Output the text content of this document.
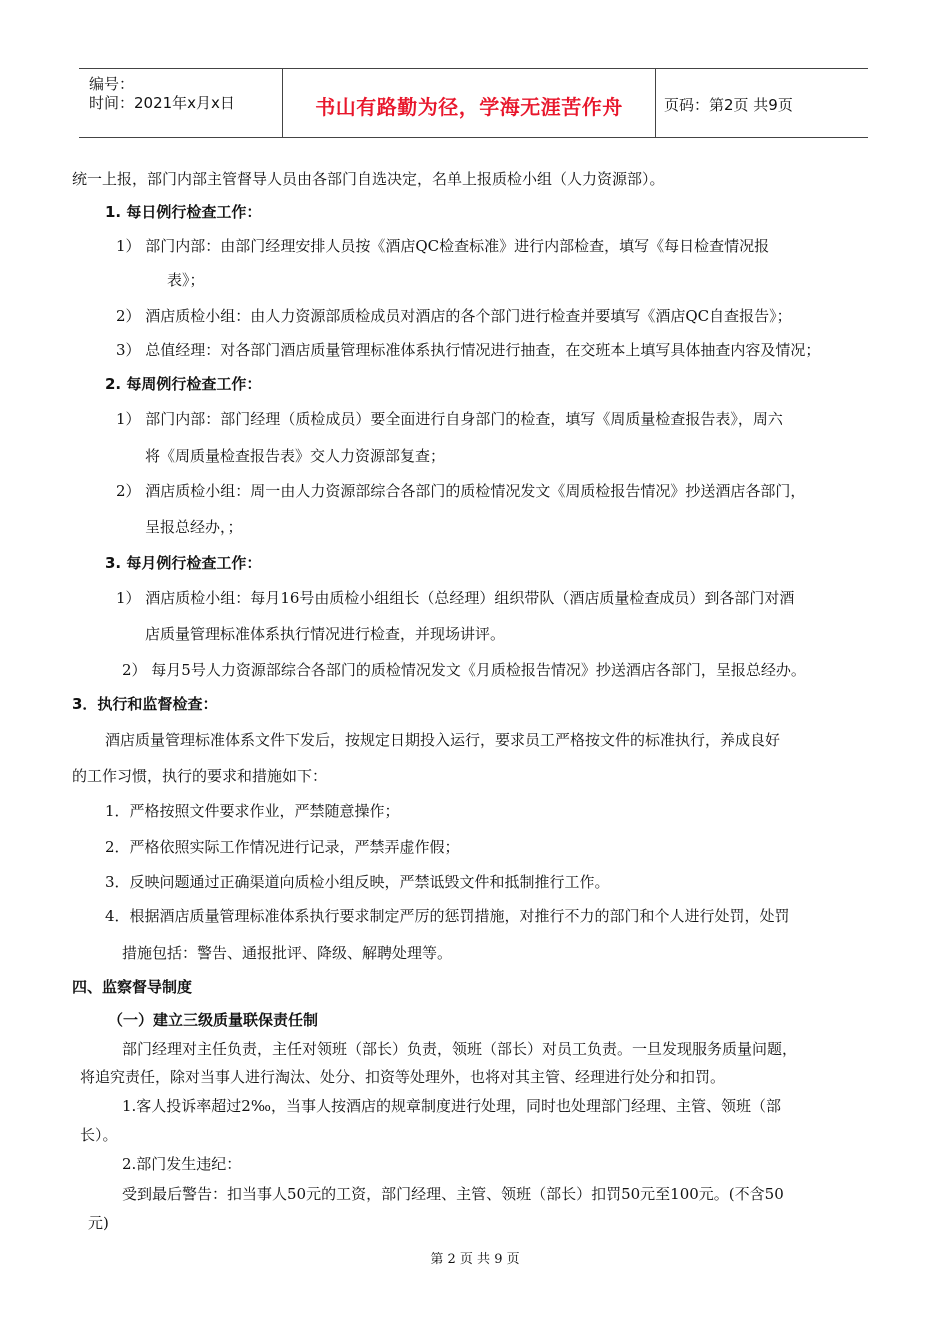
编号：
时间：2021年x月x日	书山有路勤为径，学海无涯苦作舟	页码：第2页 共9页
统一上报，部门内部主管督导人员由各部门自选决定，名单上报质检小组（人力资源部）。
1. 每日例行检查工作：
1） 部门内部：由部门经理安排人员按《酒店QC检查标准》进行内部检查，填写《每日检查情况报
表》；
2） 酒店质检小组：由人力资源部质检成员对酒店的各个部门进行检查并要填写《酒店QC自查报告》；
3） 总值经理：对各部门酒店质量管理标准体系执行情况进行抽查，在交班本上填写具体抽查内容及情况；
2. 每周例行检查工作：
1） 部门内部：部门经理（质检成员）要全面进行自身部门的检查，填写《周质量检查报告表》，周六
将《周质量检查报告表》交人力资源部复查；
2） 酒店质检小组：周一由人力资源部综合各部门的质检情况发文《周质检报告情况》抄送酒店各部门，
呈报总经办，；
3. 每月例行检查工作：
1） 酒店质检小组：每月16号由质检小组组长（总经理）组织带队（酒店质量检查成员）到各部门对酒
店质量管理标准体系执行情况进行检查，并现场讲评。
2） 每月5号人力资源部综合各部门的质检情况发文《月质检报告情况》抄送酒店各部门，呈报总经办。
3．执行和监督检查：
酒店质量管理标准体系文件下发后，按规定日期投入运行，要求员工严格按文件的标准执行，养成良好
的工作习惯，执行的要求和措施如下：
1．严格按照文件要求作业，严禁随意操作；
2．严格依照实际工作情况进行记录，严禁弄虚作假；
3．反映问题通过正确渠道向质检小组反映，严禁诋毁文件和抵制推行工作。
4．根据酒店质量管理标准体系执行要求制定严厉的惩罚措施，对推行不力的部门和个人进行处罚，处罚
措施包括：警告、通报批评、降级、解聘处理等。
四、监察督导制度
（一）建立三级质量联保责任制
部门经理对主任负责，主任对领班（部长）负责，领班（部长）对员工负责。一旦发现服务质量问题，
将追究责任，除对当事人进行淘汰、处分、扣资等处理外，也将对其主管、经理进行处分和扣罚。
1.客人投诉率超过2‰，当事人按酒店的规章制度进行处理，同时也处理部门经理、主管、领班（部
长）。
2.部门发生违纪：
受到最后警告：扣当事人50元的工资，部门经理、主管、领班（部长）扣罚50元至100元。(不含50
元)
第 2 页 共 9 页
